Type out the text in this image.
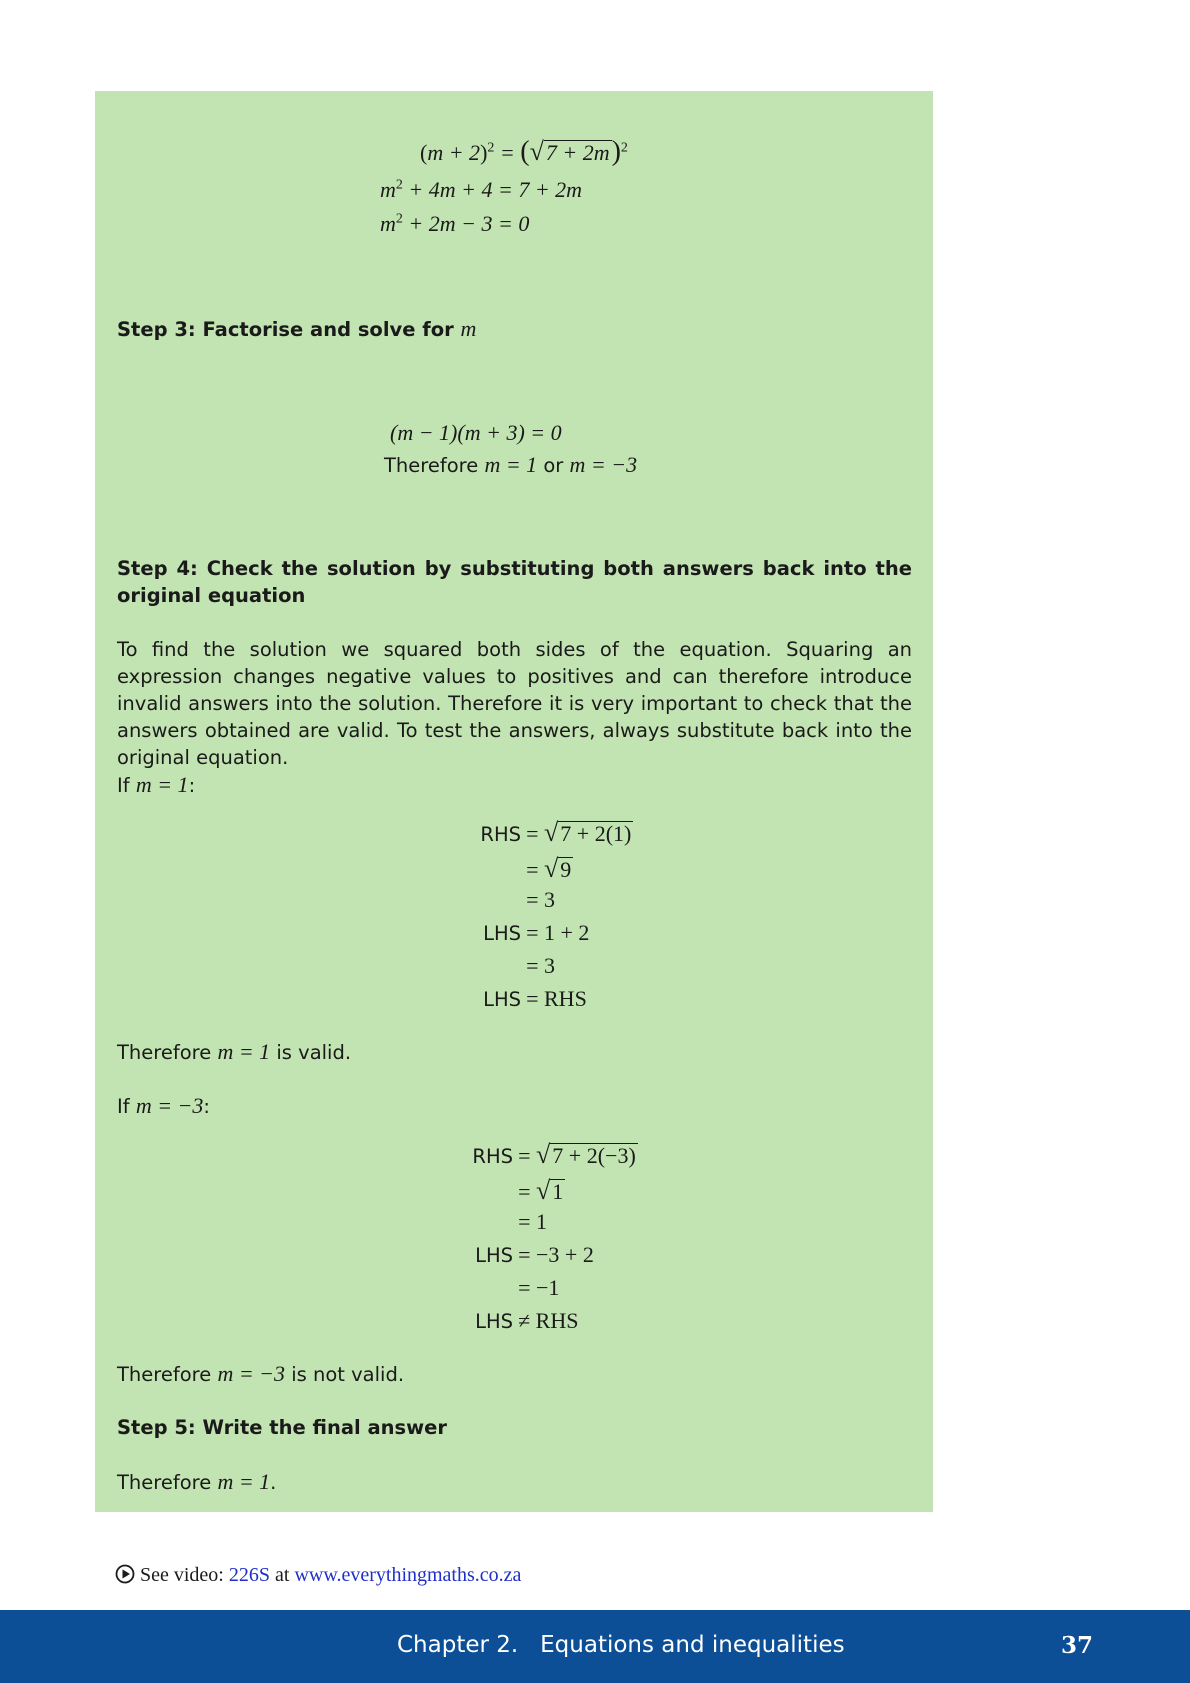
$(m + 2)^2 = (√7 + 2m)^2$
$m^2 + 4m + 4 = 7 + 2m$
$m^2 + 2m - 3 = 0$
Step 3: Factorise and solve for m
(m − 1)(m + 3) = 0
Therefore m = 1 or m = −3
Step 4: Check the solution by substituting both answers back into the original equation
To find the solution we squared both sides of the equation. Squaring an expression changes negative values to positives and can therefore introduce invalid answers into the solution. Therefore it is very important to check that the answers obtained are valid. To test the answers, always substitute back into the original equation.
If m = 1:
RHS = √7 + 2(1)
= √9
= 3
LHS = 1 + 2
= 3
LHS = RHS
Therefore m = 1 is valid.
If m = −3:
RHS = √7 + 2(−3)
= √1
= 1
LHS = −3 + 2
= −1
LHS ≠ RHS
Therefore m = −3 is not valid.
Step 5: Write the final answer
Therefore m = 1.
See video: 226S at www.everythingmaths.co.za
Chapter 2.   Equations and inequalities	37
